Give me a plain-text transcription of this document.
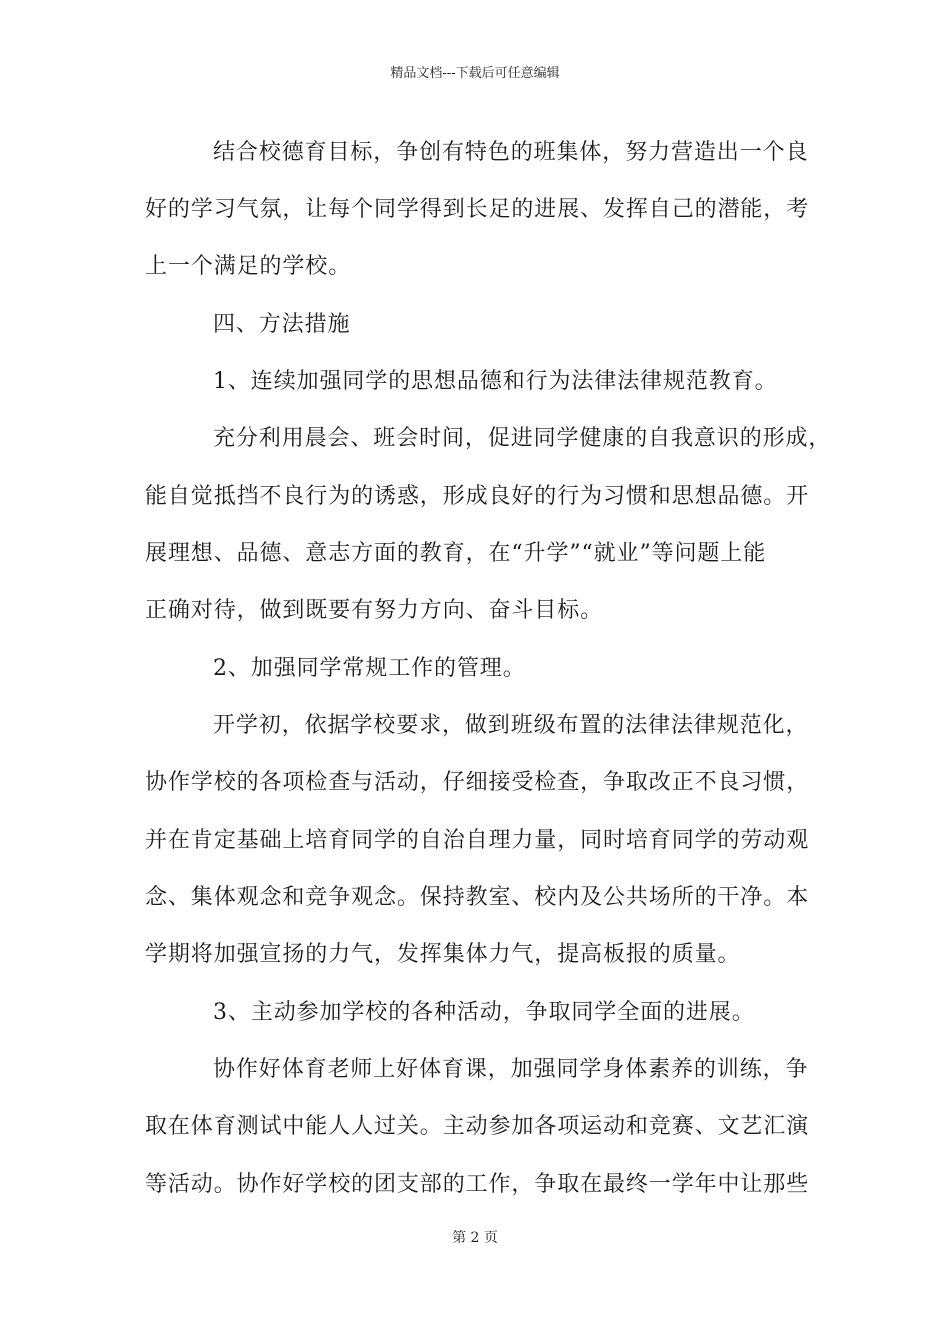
精品文档---下载后可任意编辑
结合校德育目标，争创有特色的班集体，努力营造出一个良
好的学习气氛，让每个同学得到长足的进展、发挥自己的潜能，考
上一个满足的学校。
四、方法措施
1、连续加强同学的思想品德和行为法律法律规范教育。
充分利用晨会、班会时间，促进同学健康的自我意识的形成，
能自觉抵挡不良行为的诱惑，形成良好的行为习惯和思想品德。开
展理想、品德、意志方面的教育，在“升学”“就业”等问题上能
正确对待，做到既要有努力方向、奋斗目标。
2、加强同学常规工作的管理。
开学初，依据学校要求，做到班级布置的法律法律规范化，
协作学校的各项检查与活动，仔细接受检查，争取改正不良习惯，
并在肯定基础上培育同学的自治自理力量，同时培育同学的劳动观
念、集体观念和竞争观念。保持教室、校内及公共场所的干净。本
学期将加强宣扬的力气，发挥集体力气，提高板报的质量。
3、主动参加学校的各种活动，争取同学全面的进展。
协作好体育老师上好体育课，加强同学身体素养的训练，争
取在体育测试中能人人过关。主动参加各项运动和竞赛、文艺汇演
等活动。协作好学校的团支部的工作，争取在最终一学年中让那些
第 2 页
